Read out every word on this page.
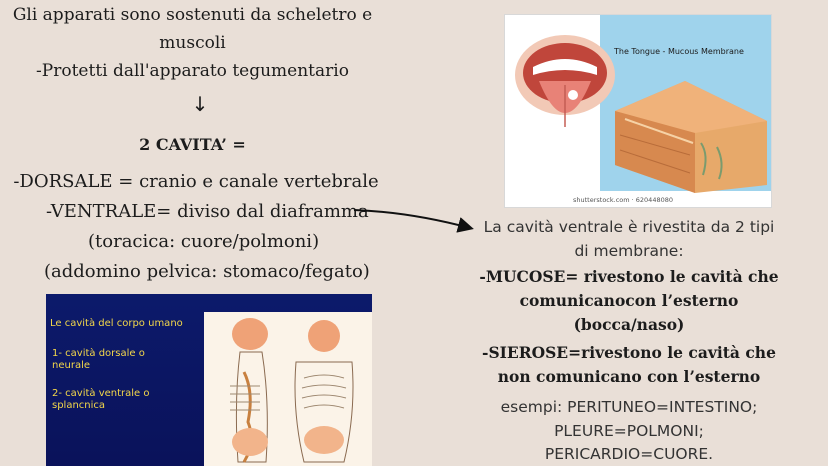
Gli apparati sono sostenuti da scheletro e
muscoli
-Protetti dall'apparato tegumentario
↓
2 CAVITA’ =
-DORSALE = cranio e canale vertebrale
-VENTRALE= diviso dal diaframma
(toracica: cuore/polmoni)
(addomino pelvica: stomaco/fegato)
The Tongue - Mucous Membrane
shutterstock.com · 620448080
Le cavità del corpo umano
1- cavità dorsale o neurale
2- cavità ventrale o splancnica
La cavità ventrale è rivestita da 2 tipi
di membrane:
-MUCOSE= rivestono le cavità che
comunicanocon l’esterno
(bocca/naso)
-SIEROSE=rivestono le cavità che
non comunicano con l’esterno
esempi: PERITUNEO=INTESTINO;
PLEURE=POLMONI;
PERICARDIO=CUORE.
